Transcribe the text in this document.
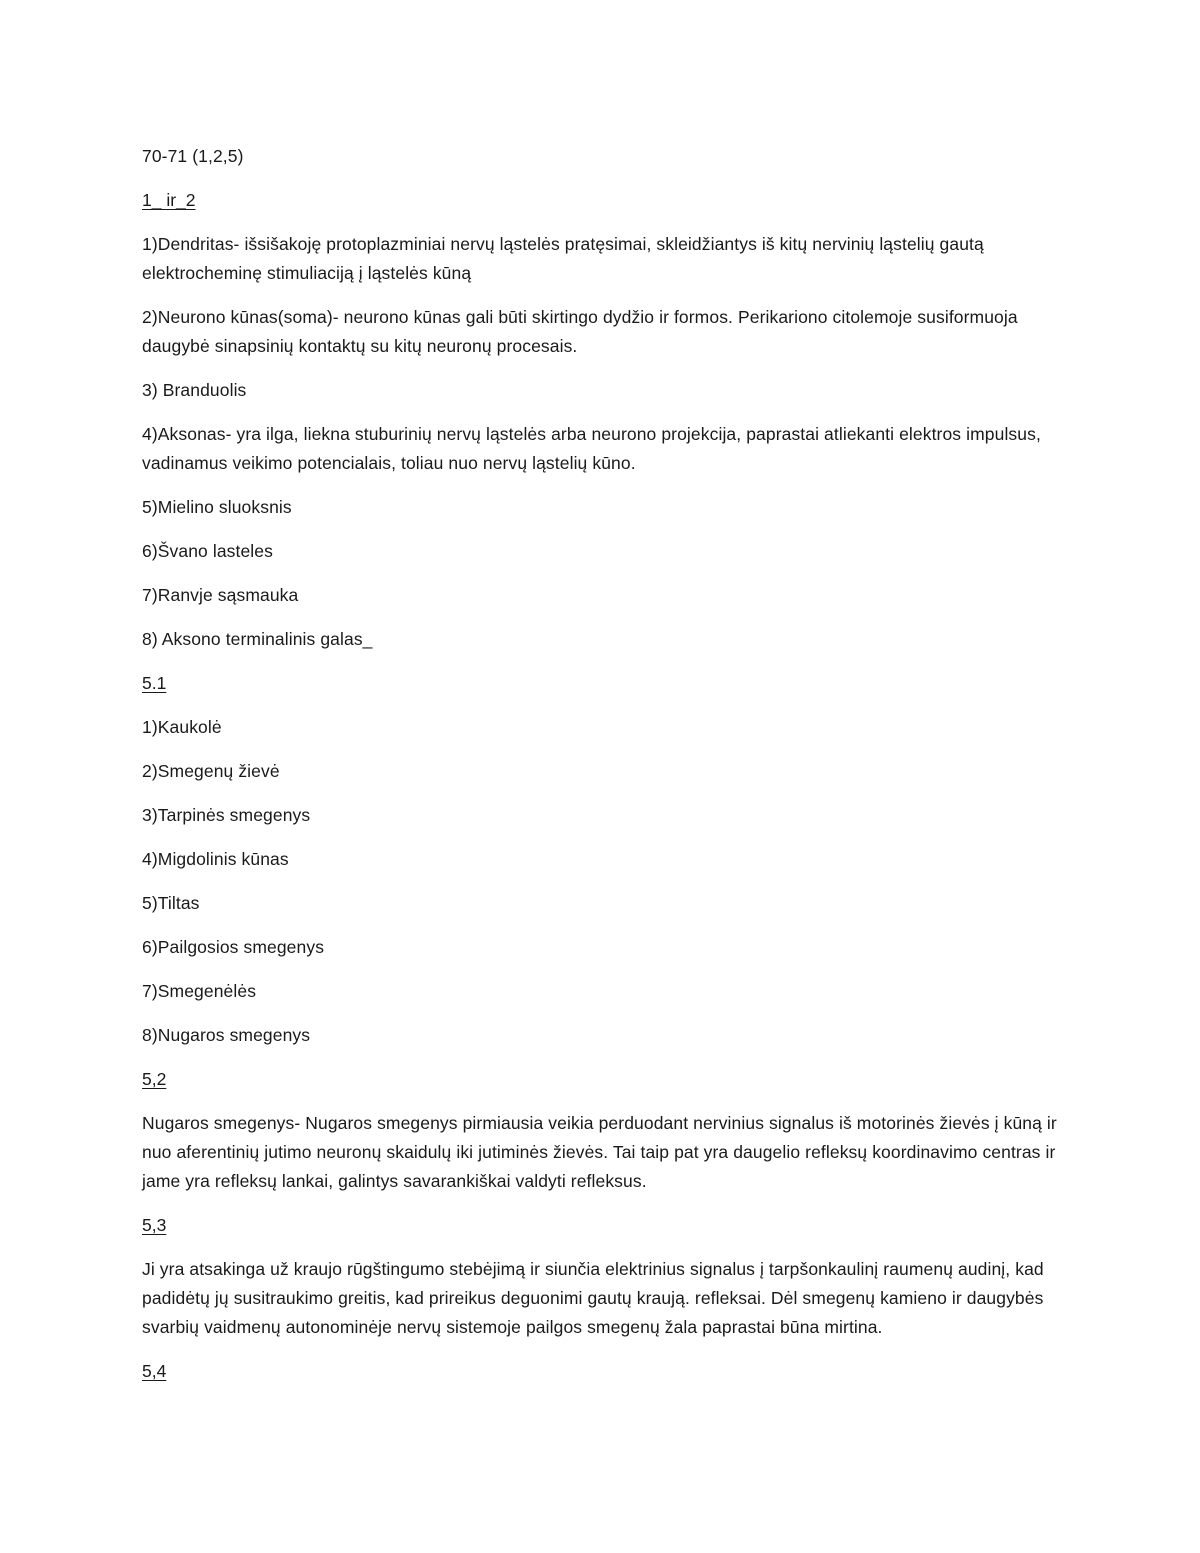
70-71 (1,2,5)

1_ ir_2

1)Dendritas- išsišakoję protoplazminiai nervų ląstelės pratęsimai, skleidžiantys iš kitų nervinių ląstelių gautą elektrocheminę stimuliaciją į ląstelės kūną

2)Neurono kūnas(soma)- neurono kūnas gali būti skirtingo dydžio ir formos. Perikariono citolemoje susiformuoja daugybė sinapsinių kontaktų su kitų neuronų procesais.

3) Branduolis

4)Aksonas- yra ilga, liekna stuburinių nervų ląstelės arba neurono projekcija, paprastai atliekanti elektros impulsus, vadinamus veikimo potencialais, toliau nuo nervų ląstelių kūno.

5)Mielino sluoksnis

6)Švano lasteles

7)Ranvje sąsmauka

8) Aksono terminalinis galas_

5.1

1)Kaukolė

2)Smegenų žievė

3)Tarpinės smegenys

4)Migdolinis kūnas

5)Tiltas

6)Pailgosios smegenys

7)Smegenėlės

8)Nugaros smegenys

5,2

Nugaros smegenys- Nugaros smegenys pirmiausia veikia perduodant nervinius signalus iš motorinės žievės į kūną ir nuo aferentinių jutimo neuronų skaidulų iki jutiminės žievės. Tai taip pat yra daugelio refleksų koordinavimo centras ir jame yra refleksų lankai, galintys savarankiškai valdyti refleksus.

5,3

Ji yra atsakinga už kraujo rūgštingumo stebėjimą ir siunčia elektrinius signalus į tarpšonkaulinį raumenų audinį, kad padidėtų jų susitraukimo greitis, kad prireikus deguonimi gautų kraują. refleksai. Dėl smegenų kamieno ir daugybės svarbių vaidmenų autonominėje nervų sistemoje pailgos smegenų žala paprastai būna mirtina.

5,4
